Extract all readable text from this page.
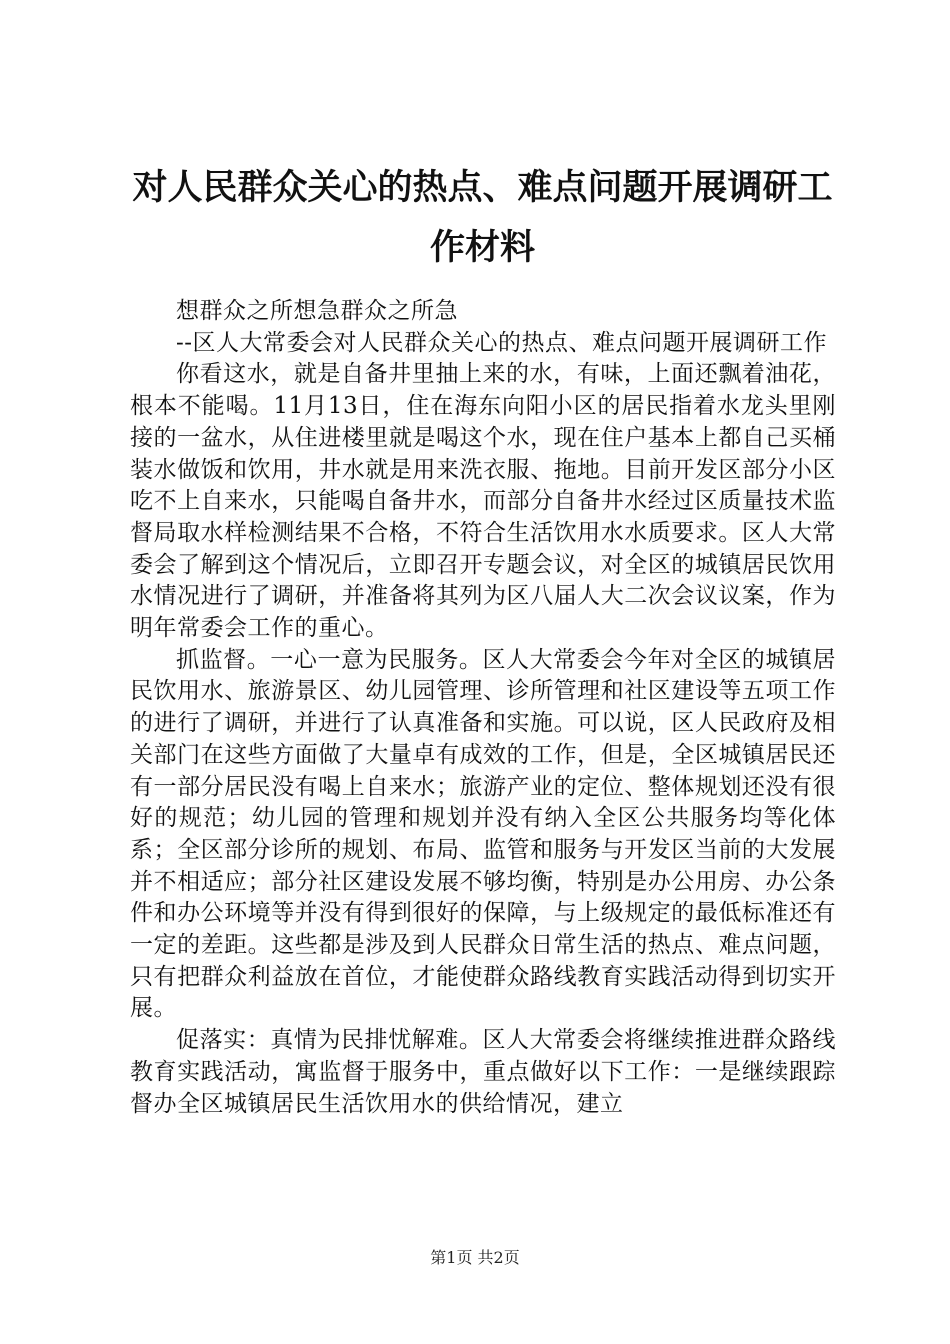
对人民群众关心的热点、难点问题开展调研工作材料

想群众之所想急群众之所急

--区人大常委会对人民群众关心的热点、难点问题开展调研工作

你看这水，就是自备井里抽上来的水，有味，上面还飘着油花，根本不能喝。11月13日，住在海东向阳小区的居民指着水龙头里刚接的一盆水，从住进楼里就是喝这个水，现在住户基本上都自己买桶装水做饭和饮用，井水就是用来洗衣服、拖地。目前开发区部分小区吃不上自来水，只能喝自备井水，而部分自备井水经过区质量技术监督局取水样检测结果不合格，不符合生活饮用水水质要求。区人大常委会了解到这个情况后，立即召开专题会议，对全区的城镇居民饮用水情况进行了调研，并准备将其列为区八届人大二次会议议案，作为明年常委会工作的重心。

抓监督。一心一意为民服务。区人大常委会今年对全区的城镇居民饮用水、旅游景区、幼儿园管理、诊所管理和社区建设等五项工作的进行了调研，并进行了认真准备和实施。可以说，区人民政府及相关部门在这些方面做了大量卓有成效的工作，但是，全区城镇居民还有一部分居民没有喝上自来水；旅游产业的定位、整体规划还没有很好的规范；幼儿园的管理和规划并没有纳入全区公共服务均等化体系；全区部分诊所的规划、布局、监管和服务与开发区当前的大发展并不相适应；部分社区建设发展不够均衡，特别是办公用房、办公条件和办公环境等并没有得到很好的保障，与上级规定的最低标准还有一定的差距。这些都是涉及到人民群众日常生活的热点、难点问题，只有把群众利益放在首位，才能使群众路线教育实践活动得到切实开展。

促落实：真情为民排忧解难。区人大常委会将继续推进群众路线教育实践活动，寓监督于服务中，重点做好以下工作：一是继续跟踪督办全区城镇居民生活饮用水的供给情况，建立

第1页 共2页
